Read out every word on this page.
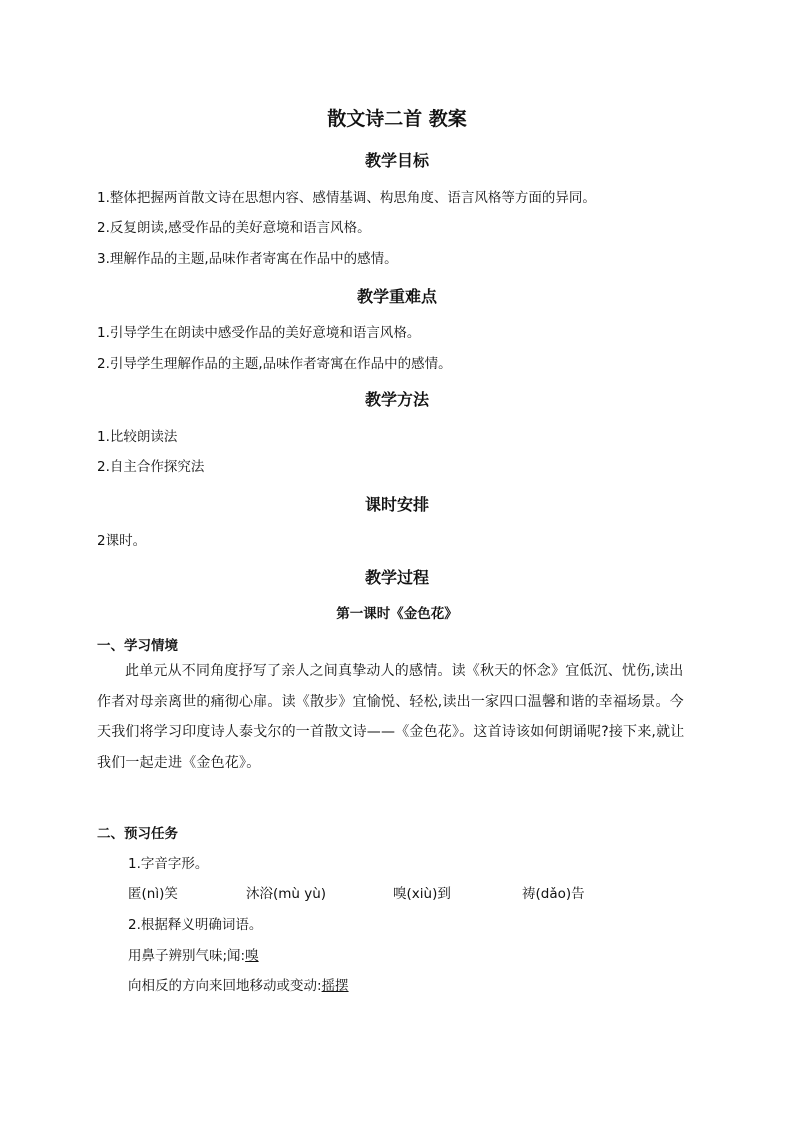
散文诗二首 教案
教学目标
1.整体把握两首散文诗在思想内容、感情基调、构思角度、语言风格等方面的异同。
2.反复朗读,感受作品的美好意境和语言风格。
3.理解作品的主题,品味作者寄寓在作品中的感情。
教学重难点
1.引导学生在朗读中感受作品的美好意境和语言风格。
2.引导学生理解作品的主题,品味作者寄寓在作品中的感情。
教学方法
1.比较朗读法
2.自主合作探究法
课时安排
2课时。
教学过程
第一课时《金色花》
一、学习情境
此单元从不同角度抒写了亲人之间真挚动人的感情。读《秋天的怀念》宜低沉、忧伤,读出作者对母亲离世的痛彻心扉。读《散步》宜愉悦、轻松,读出一家四口温馨和谐的幸福场景。今天我们将学习印度诗人泰戈尔的一首散文诗——《金色花》。这首诗该如何朗诵呢?接下来,就让我们一起走进《金色花》。
二、预习任务
1.字音字形。
匿(nì)笑	沐浴(mù yù)	嗅(xiù)到	祷(dǎo)告
2.根据释义明确词语。
用鼻子辨别气味;闻:嗅
向相反的方向来回地移动或变动:摇摆
